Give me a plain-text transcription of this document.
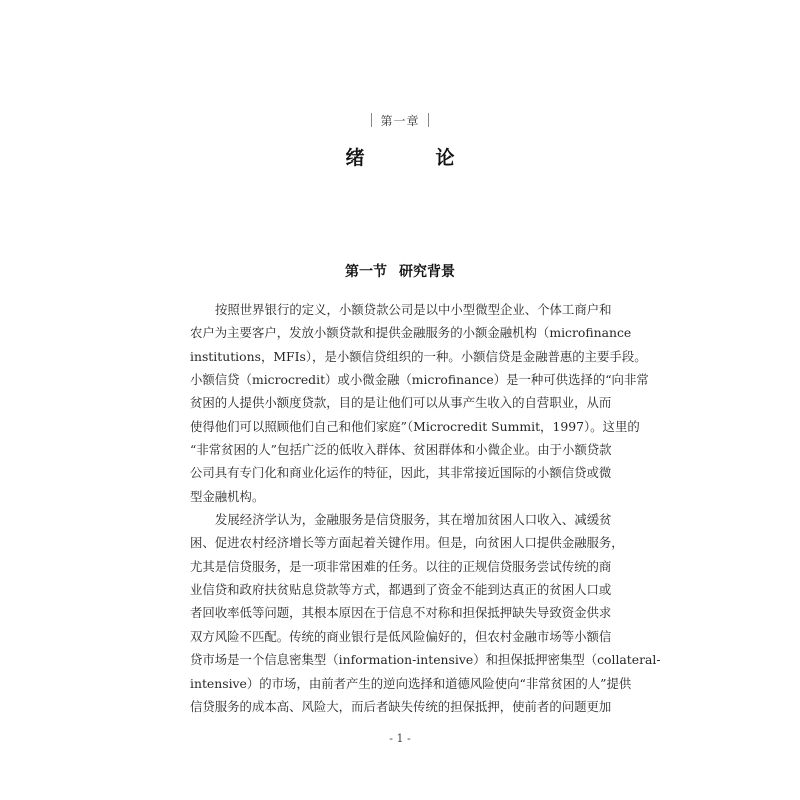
第一章
绪　论
第一节 研究背景
按照世界银行的定义，小额贷款公司是以中小型微型企业、个体工商户和
农户为主要客户，发放小额贷款和提供金融服务的小额金融机构（microfinance
institutions，MFIs），是小额信贷组织的一种。小额信贷是金融普惠的主要手段。
小额信贷（microcredit）或小微金融（microfinance）是一种可供选择的“向非常
贫困的人提供小额度贷款，目的是让他们可以从事产生收入的自营职业，从而
使得他们可以照顾他们自己和他们家庭”（Microcredit Summit，1997）。这里的
“非常贫困的人”包括广泛的低收入群体、贫困群体和小微企业。由于小额贷款
公司具有专门化和商业化运作的特征，因此，其非常接近国际的小额信贷或微
型金融机构。
发展经济学认为，金融服务是信贷服务，其在增加贫困人口收入、减缓贫
困、促进农村经济增长等方面起着关键作用。但是，向贫困人口提供金融服务，
尤其是信贷服务，是一项非常困难的任务。以往的正规信贷服务尝试传统的商
业信贷和政府扶贫贴息贷款等方式，都遇到了资金不能到达真正的贫困人口或
者回收率低等问题，其根本原因在于信息不对称和担保抵押缺失导致资金供求
双方风险不匹配。传统的商业银行是低风险偏好的，但农村金融市场等小额信
贷市场是一个信息密集型（information-intensive）和担保抵押密集型（collateral-
intensive）的市场，由前者产生的逆向选择和道德风险使向“非常贫困的人”提供
信贷服务的成本高、风险大，而后者缺失传统的担保抵押，使前者的问题更加
- 1 -
